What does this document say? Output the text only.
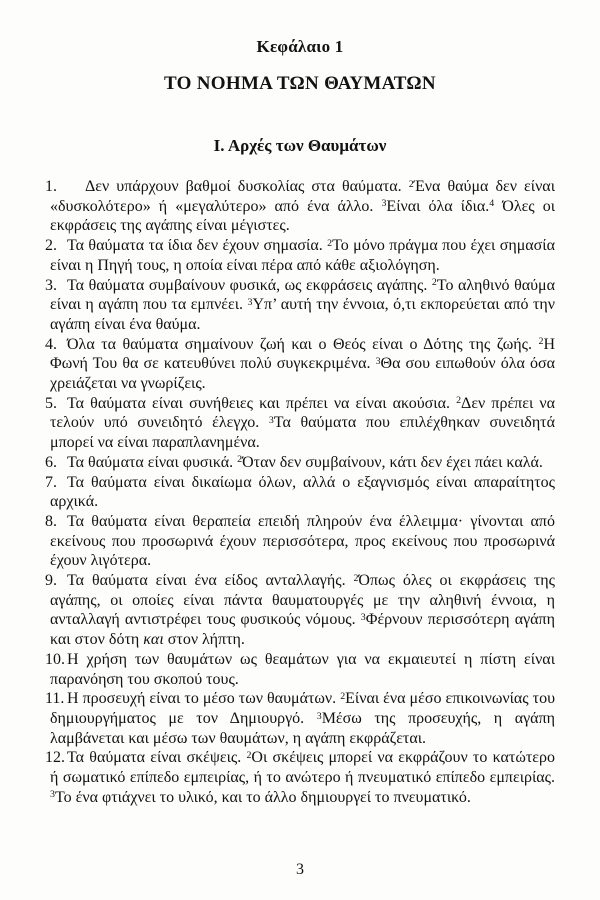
Κεφάλαιο 1
ΤΟ ΝΟΗΜΑ ΤΩΝ ΘΑΥΜΑΤΩΝ
Ι. Αρχές των Θαυμάτων
1. Δεν υπάρχουν βαθμοί δυσκολίας στα θαύματα. $^2$Ένα θαύμα δεν είναι «δυσκολότερο» ή «μεγαλύτερο» από ένα άλλο. $^3$Είναι όλα ίδια.$^4$ Όλες οι εκφράσεις της αγάπης είναι μέγιστες.
2. Τα θαύματα τα ίδια δεν έχουν σημασία. $^2$Το μόνο πράγμα που έχει σημασία είναι η Πηγή τους, η οποία είναι πέρα από κάθε αξιολόγηση.
3. Τα θαύματα συμβαίνουν φυσικά, ως εκφράσεις αγάπης. $^2$Το αληθινό θαύμα είναι η αγάπη που τα εμπνέει. $^3$Υπ’ αυτή την έννοια, ό,τι εκπορεύεται από την αγάπη είναι ένα θαύμα.
4. Όλα τα θαύματα σημαίνουν ζωή και ο Θεός είναι ο Δότης της ζωής. $^2$Η Φωνή Του θα σε κατευθύνει πολύ συγκεκριμένα. $^3$Θα σου ειπωθούν όλα όσα χρειάζεται να γνωρίζεις.
5. Τα θαύματα είναι συνήθειες και πρέπει να είναι ακούσια. $^2$Δεν πρέπει να τελούν υπό συνειδητό έλεγχο. $^3$Τα θαύματα που επιλέχθηκαν συνειδητά μπορεί να είναι παραπλανημένα.
6. Τα θαύματα είναι φυσικά. $^2$Όταν δεν συμβαίνουν, κάτι δεν έχει πάει καλά.
7. Τα θαύματα είναι δικαίωμα όλων, αλλά ο εξαγνισμός είναι απαραίτητος αρχικά.
8. Τα θαύματα είναι θεραπεία επειδή πληρούν ένα έλλειμμα· γίνονται από εκείνους που προσωρινά έχουν περισσότερα, προς εκείνους που προσωρινά έχουν λιγότερα.
9. Τα θαύματα είναι ένα είδος ανταλλαγής. $^2$Όπως όλες οι εκφράσεις της αγάπης, οι οποίες είναι πάντα θαυματουργές με την αληθινή έννοια, η ανταλλαγή αντιστρέφει τους φυσικούς νόμους. $^3$Φέρνουν περισσότερη αγάπη και στον δότη και στον λήπτη.
10. Η χρήση των θαυμάτων ως θεαμάτων για να εκμαιευτεί η πίστη είναι παρανόηση του σκοπού τους.
11. Η προσευχή είναι το μέσο των θαυμάτων. $^2$Είναι ένα μέσο επικοινωνίας του δημιουργήματος με τον Δημιουργό. $^3$Μέσω της προσευχής, η αγάπη λαμβάνεται και μέσω των θαυμάτων, η αγάπη εκφράζεται.
12. Τα θαύματα είναι σκέψεις. $^2$Οι σκέψεις μπορεί να εκφράζουν το κατώτερο ή σωματικό επίπεδο εμπειρίας, ή το ανώτερο ή πνευματικό επίπεδο εμπειρίας. $^3$Το ένα φτιάχνει το υλικό, και το άλλο δημιουργεί το πνευματικό.
3
